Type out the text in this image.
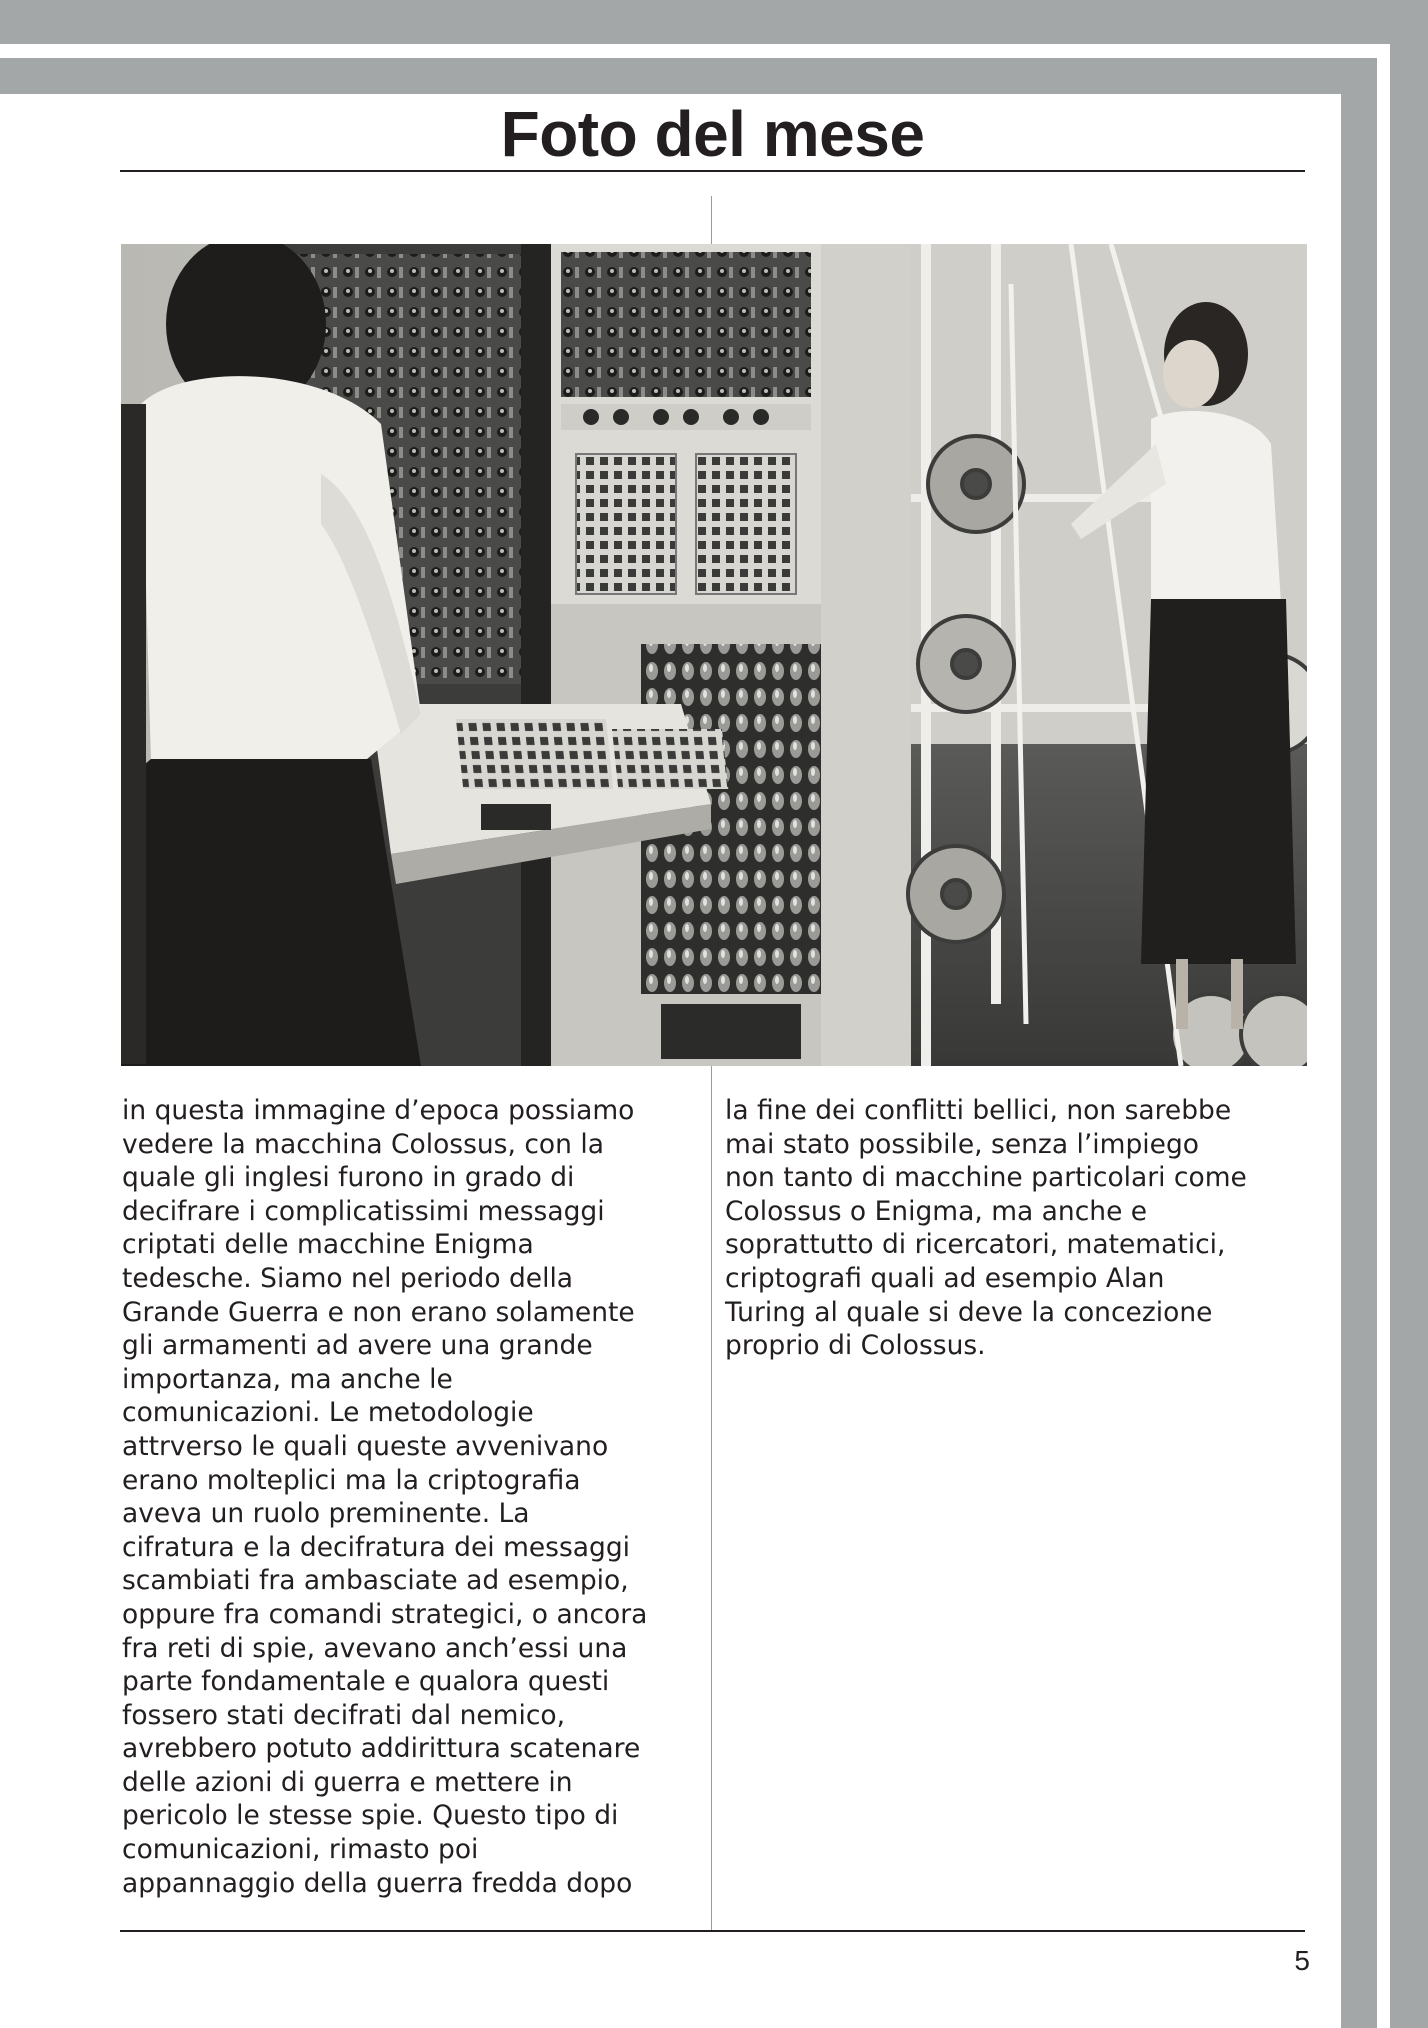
Foto del mese
in questa immagine d’epoca possiamo
vedere la macchina Colossus, con la
quale gli inglesi furono in grado di
decifrare i complicatissimi messaggi
criptati delle macchine Enigma
tedesche. Siamo nel periodo della
Grande Guerra e non erano solamente
gli armamenti ad avere una grande
importanza, ma anche le
comunicazioni. Le metodologie
attrverso le quali queste avvenivano
erano molteplici ma la criptografia
aveva un ruolo preminente. La
cifratura e la decifratura dei messaggi
scambiati fra ambasciate ad esempio,
oppure fra comandi strategici, o ancora
fra reti di spie, avevano anch’essi una
parte fondamentale e qualora questi
fossero stati decifrati dal nemico,
avrebbero potuto addirittura scatenare
delle azioni di guerra e mettere in
pericolo le stesse spie. Questo tipo di
comunicazioni, rimasto poi
appannaggio della guerra fredda dopo
la fine dei conflitti bellici, non sarebbe
mai stato possibile, senza l’impiego
non tanto di macchine particolari come
Colossus o Enigma, ma anche e
soprattutto di ricercatori, matematici,
criptografi quali ad esempio Alan
Turing al quale si deve la concezione
proprio di Colossus.
5
